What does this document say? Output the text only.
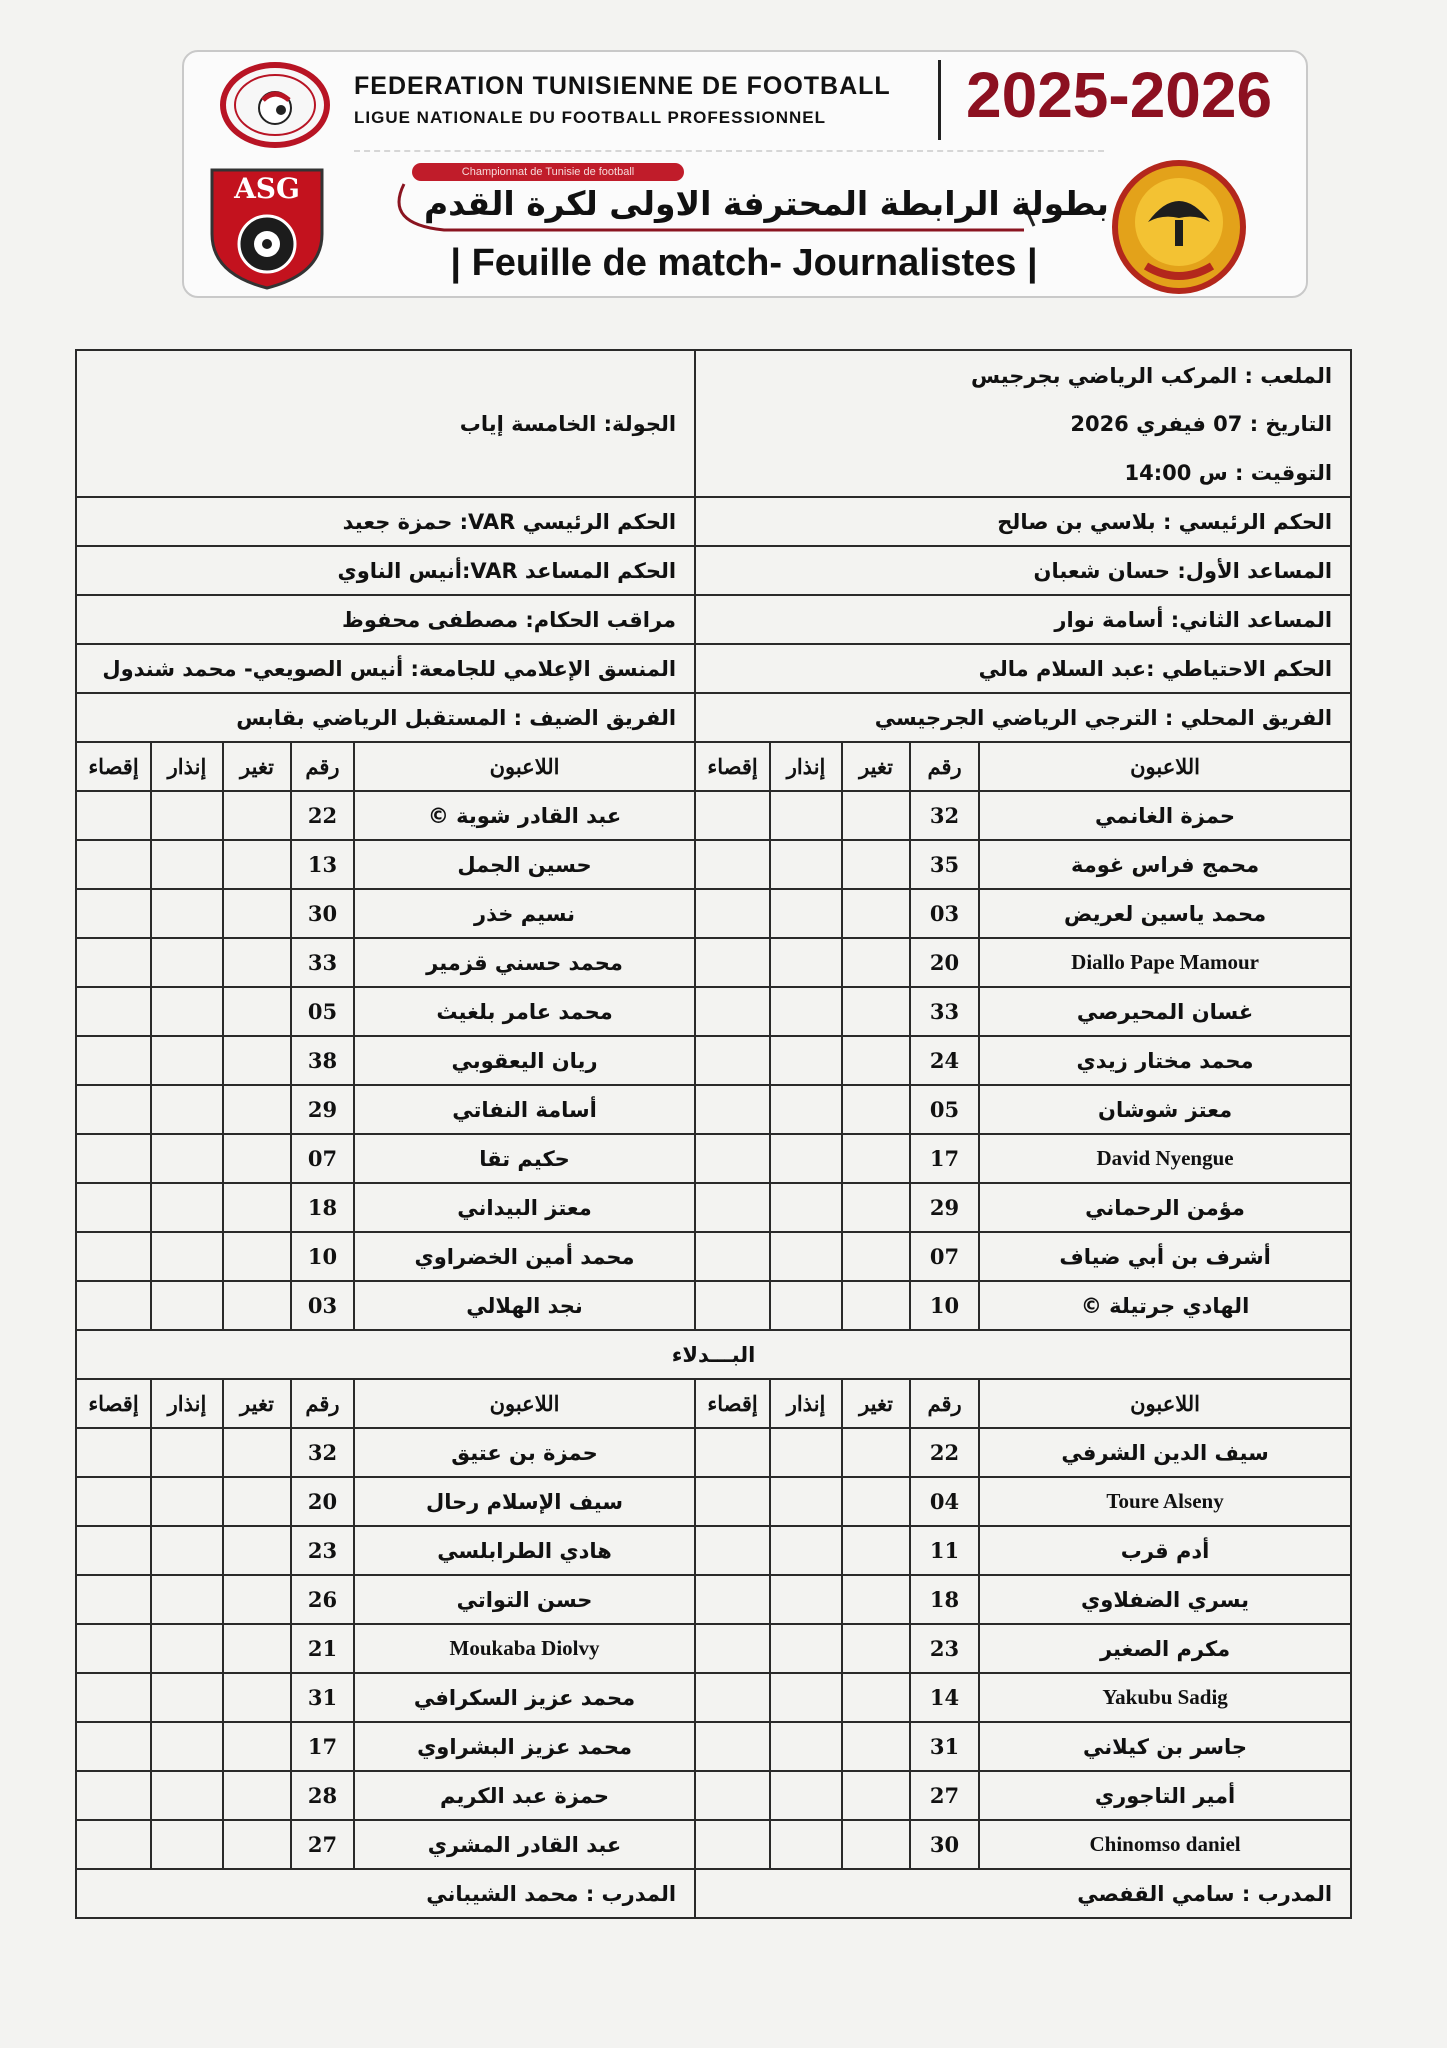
FEDERATION TUNISIENNE DE FOOTBALL
LIGUE NATIONALE DU FOOTBALL PROFESSIONNEL 2025-2026
ASG	Championnat de Tunisie de football
بطولة الرابطة المحترفة الاولى لكرة القدم
| Feuille de match- Journalistes |
الجولة: الخامسة إياب					الملعب : المركب الرياضي بجرجيس				
					التاريخ : 07 فيفري 2026				
					التوقيت : س 14:00				
الحكم الرئيسي VAR: حمزة جعيد					الحكم الرئيسي : بلاسي بن صالح				
الحكم المساعد VAR:أنيس الناوي					المساعد الأول: حسان شعبان				
مراقب الحكام: مصطفى محفوظ					المساعد الثاني: أسامة نوار				
المنسق الإعلامي للجامعة: أنيس الصويعي- محمد شندول					الحكم الاحتياطي :عبد السلام مالي				
الفريق الضيف : المستقبل الرياضي بقابس					الفريق المحلي : الترجي الرياضي الجرجيسي				
إقصاء	إنذار	تغير	رقم	اللاعبون	إقصاء	إنذار	تغير	رقم	اللاعبون
			22	عبد القادر شوية ©				32	حمزة الغانمي
			13	حسين الجمل				35	محمج فراس غومة
			30	نسيم خذر				03	محمد ياسين لعريض
			33	محمد حسني قزمير				20	Diallo Pape Mamour
			05	محمد عامر بلغيث				33	غسان المحيرصي
			38	ريان اليعقوبي				24	محمد مختار زيدي
			29	أسامة النفاتي				05	معتز شوشان
			07	حكيم تقا				17	David Nyengue
			18	معتز البيداني				29	مؤمن الرحماني
			10	محمد أمين الخضراوي				07	أشرف بن أبي ضياف
			03	نجد الهلالي				10	الهادي جرتيلة ©
البـــدلاء									
إقصاء	إنذار	تغير	رقم	اللاعبون	إقصاء	إنذار	تغير	رقم	اللاعبون
			32	حمزة بن عتيق				22	سيف الدين الشرفي
			20	سيف الإسلام رحال				04	Toure Alseny
			23	هادي الطرابلسي				11	أدم قرب
			26	حسن التواتي				18	يسري الضفلاوي
			21	Moukaba Diolvy				23	مكرم الصغير
			31	محمد عزيز السكرافي				14	Yakubu Sadig
			17	محمد عزيز البشراوي				31	جاسر بن كيلاني
			28	حمزة عبد الكريم				27	أمير التاجوري
			27	عبد القادر المشري				30	Chinomso daniel
المدرب : محمد الشيباني					المدرب : سامي القفصي				
